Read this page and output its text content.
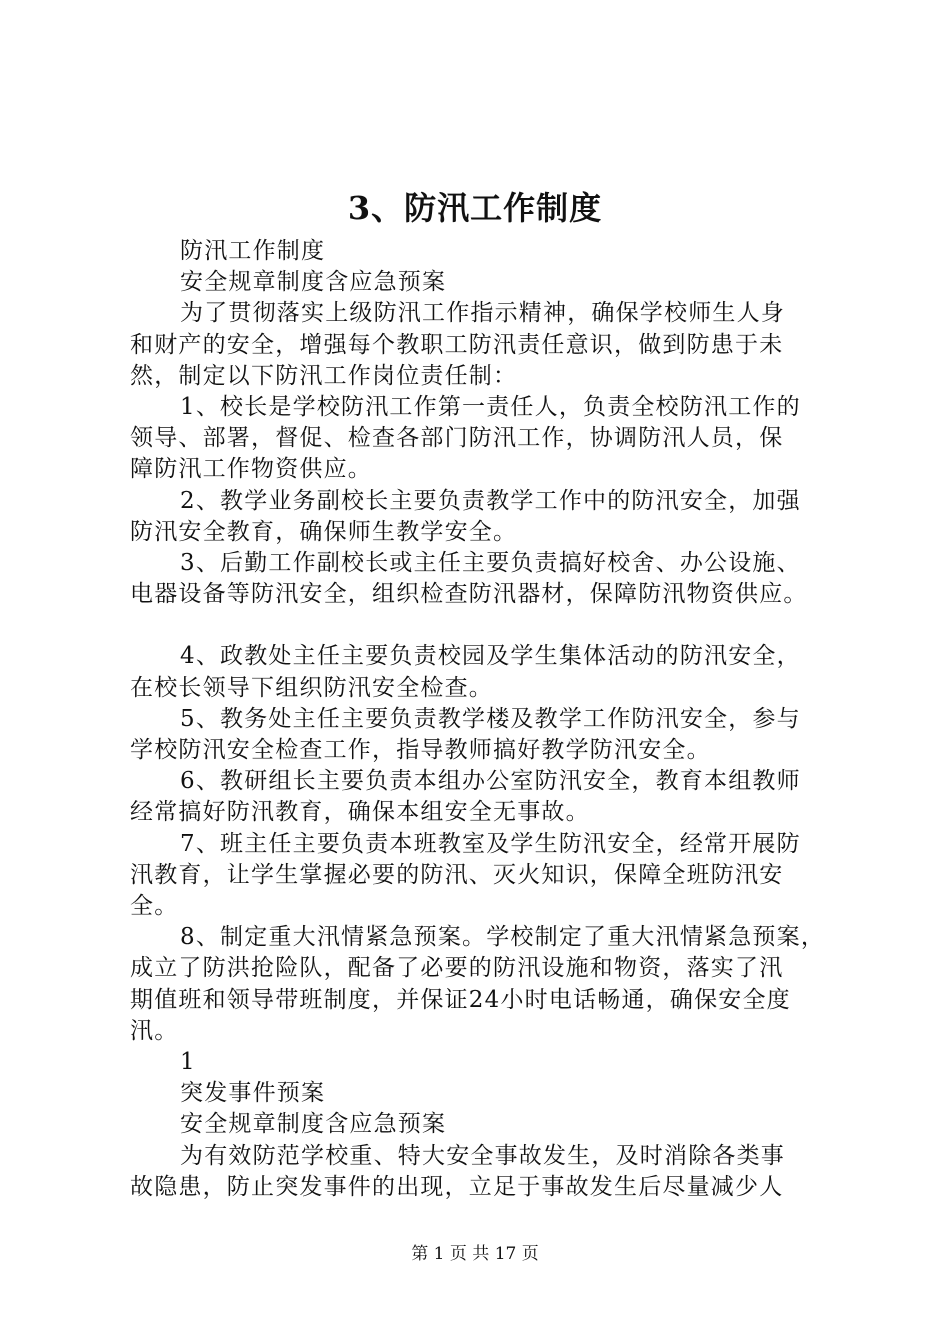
3、防汛工作制度

防汛工作制度

安全规章制度含应急预案

为了贯彻落实上级防汛工作指示精神，确保学校师生人身

和财产的安全，增强每个教职工防汛责任意识，做到防患于未

然，制定以下防汛工作岗位责任制：

1、校长是学校防汛工作第一责任人，负责全校防汛工作的

领导、部署，督促、检查各部门防汛工作，协调防汛人员，保

障防汛工作物资供应。

2、教学业务副校长主要负责教学工作中的防汛安全，加强

防汛安全教育，确保师生教学安全。

3、后勤工作副校长或主任主要负责搞好校舍、办公设施、

电器设备等防汛安全，组织检查防汛器材，保障防汛物资供应。

4、政教处主任主要负责校园及学生集体活动的防汛安全，

在校长领导下组织防汛安全检查。

5、教务处主任主要负责教学楼及教学工作防汛安全，参与

学校防汛安全检查工作，指导教师搞好教学防汛安全。

6、教研组长主要负责本组办公室防汛安全，教育本组教师

经常搞好防汛教育，确保本组安全无事故。

7、班主任主要负责本班教室及学生防汛安全，经常开展防

汛教育，让学生掌握必要的防汛、灭火知识，保障全班防汛安

全。

8、制定重大汛情紧急预案。学校制定了重大汛情紧急预案，

成立了防洪抢险队，配备了必要的防汛设施和物资，落实了汛

期值班和领导带班制度，并保证24小时电话畅通，确保安全度

汛。

1

突发事件预案

安全规章制度含应急预案

为有效防范学校重、特大安全事故发生，及时消除各类事

故隐患，防止突发事件的出现，立足于事故发生后尽量减少人

第 1 页 共 17 页
